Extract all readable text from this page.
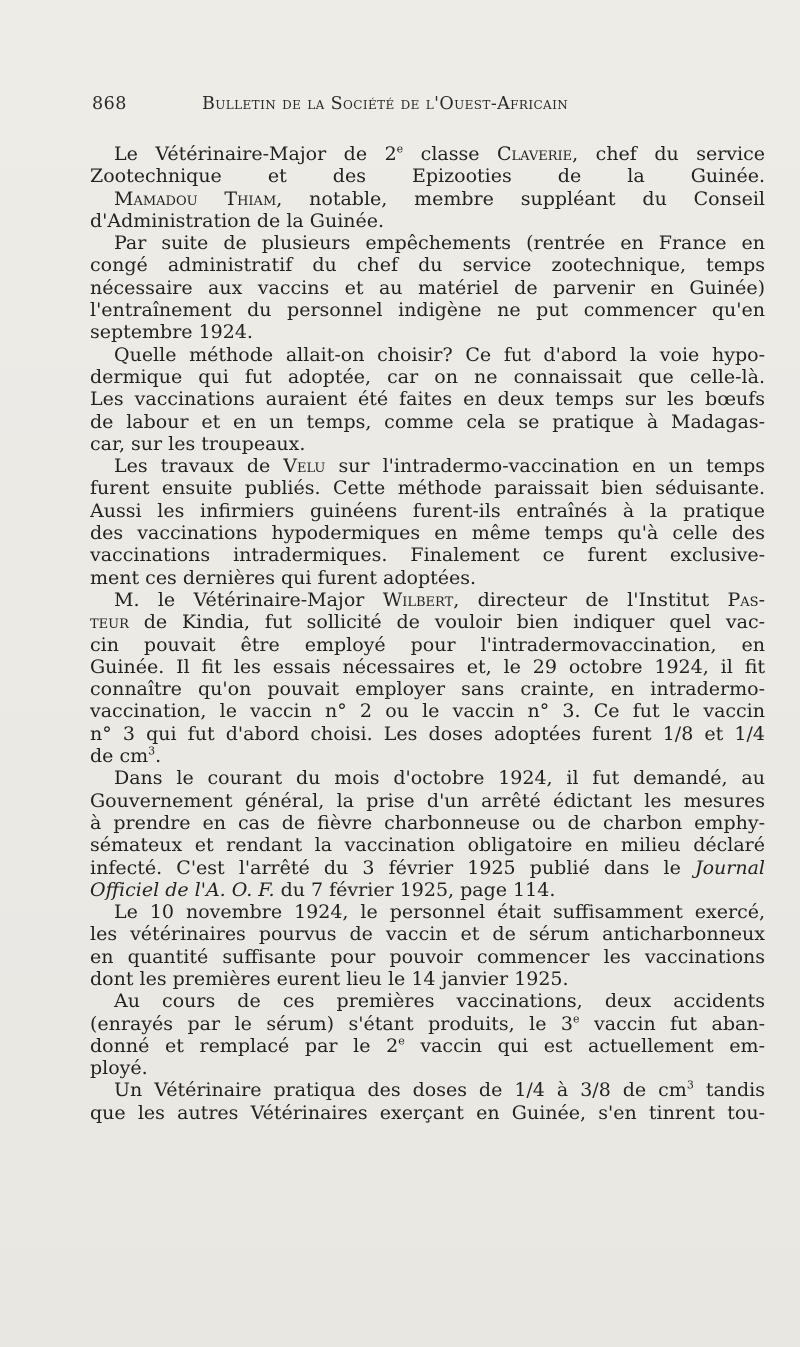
868	Bulletin de la Société de l'Ouest-Africain
Le Vétérinaire-Major de 2e classe Claverie, chef du service
Zootechnique et des Epizooties de la Guinée.
Mamadou Thiam, notable, membre suppléant du Conseil
d'Administration de la Guinée.
Par suite de plusieurs empêchements (rentrée en France en
congé administratif du chef du service zootechnique, temps
nécessaire aux vaccins et au matériel de parvenir en Guinée)
l'entraînement du personnel indigène ne put commencer qu'en
septembre 1924.
Quelle méthode allait-on choisir? Ce fut d'abord la voie hypo-
dermique qui fut adoptée, car on ne connaissait que celle-là.
Les vaccinations auraient été faites en deux temps sur les bœufs
de labour et en un temps, comme cela se pratique à Madagas-
car, sur les troupeaux.
Les travaux de Velu sur l'intradermo-vaccination en un temps
furent ensuite publiés. Cette méthode paraissait bien séduisante.
Aussi les infirmiers guinéens furent-ils entraînés à la pratique
des vaccinations hypodermiques en même temps qu'à celle des
vaccinations intradermiques. Finalement ce furent exclusive-
ment ces dernières qui furent adoptées.
M. le Vétérinaire-Major Wilbert, directeur de l'Institut Pas-
teur de Kindia, fut sollicité de vouloir bien indiquer quel vac-
cin pouvait être employé pour l'intradermovaccination, en
Guinée. Il fit les essais nécessaires et, le 29 octobre 1924, il fit
connaître qu'on pouvait employer sans crainte, en intradermo-
vaccination, le vaccin n° 2 ou le vaccin n° 3. Ce fut le vaccin
n° 3 qui fut d'abord choisi. Les doses adoptées furent 1/8 et 1/4
de $cm^3$.
Dans le courant du mois d'octobre 1924, il fut demandé, au
Gouvernement général, la prise d'un arrêté édictant les mesures
à prendre en cas de fièvre charbonneuse ou de charbon emphy-
sémateux et rendant la vaccination obligatoire en milieu déclaré
infecté. C'est l'arrêté du 3 février 1925 publié dans le Journal
Officiel de l'A. O. F. du 7 février 1925, page 114.
Le 10 novembre 1924, le personnel était suffisamment exercé,
les vétérinaires pourvus de vaccin et de sérum anticharbonneux
en quantité suffisante pour pouvoir commencer les vaccinations
dont les premières eurent lieu le 14 janvier 1925.
Au cours de ces premières vaccinations, deux accidents
(enrayés par le sérum) s'étant produits, le 3e vaccin fut aban-
donné et remplacé par le 2e vaccin qui est actuellement em-
ployé.
Un Vétérinaire pratiqua des doses de 1/4 à 3/8 de $cm^3$ tandis
que les autres Vétérinaires exerçant en Guinée, s'en tinrent tou-
